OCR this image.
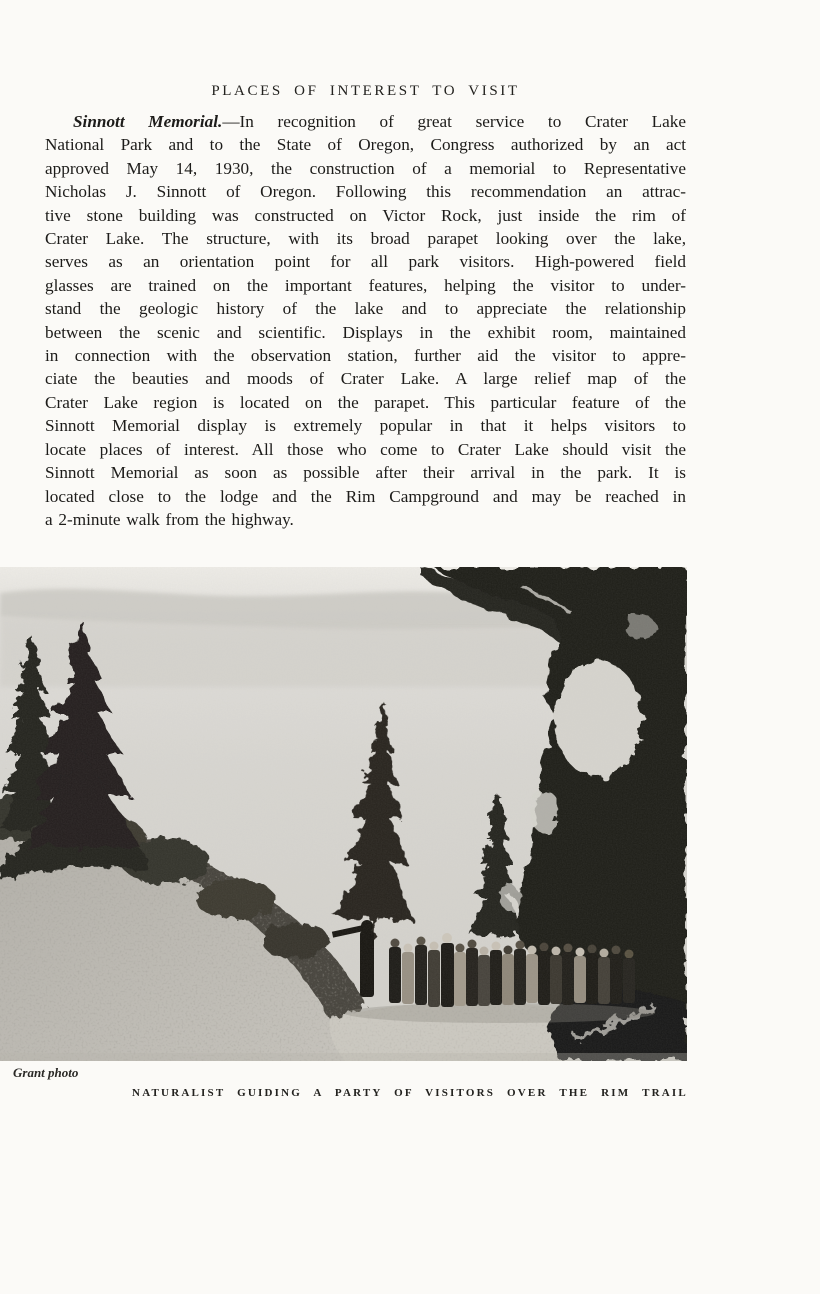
PLACES OF INTEREST TO VISIT
Sinnott Memorial.—In recognition of great service to Crater Lake
National Park and to the State of Oregon, Congress authorized by an act
approved May 14, 1930, the construction of a memorial to Representative
Nicholas J. Sinnott of Oregon. Following this recommendation an attrac-
tive stone building was constructed on Victor Rock, just inside the rim of
Crater Lake. The structure, with its broad parapet looking over the lake,
serves as an orientation point for all park visitors. High-powered field
glasses are trained on the important features, helping the visitor to under-
stand the geologic history of the lake and to appreciate the relationship
between the scenic and scientific. Displays in the exhibit room, maintained
in connection with the observation station, further aid the visitor to appre-
ciate the beauties and moods of Crater Lake. A large relief map of the
Crater Lake region is located on the parapet. This particular feature of the
Sinnott Memorial display is extremely popular in that it helps visitors to
locate places of interest. All those who come to Crater Lake should visit the
Sinnott Memorial as soon as possible after their arrival in the park. It is
located close to the lodge and the Rim Campground and may be reached in
a 2-minute walk from the highway.
Grant photo
NATURALIST GUIDING A PARTY OF VISITORS OVER THE RIM TRAIL
